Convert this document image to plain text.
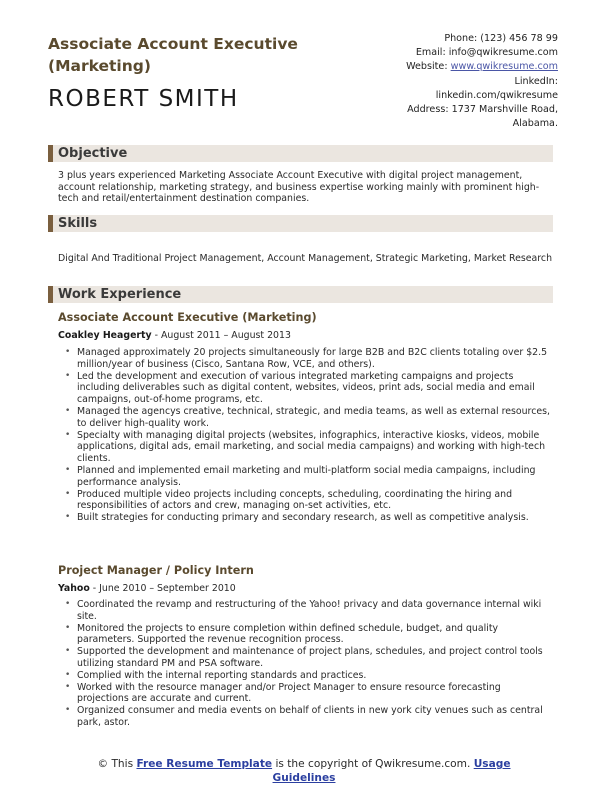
Associate Account Executive (Marketing)
ROBERT SMITH
Phone: (123) 456 78 99
Email: info@qwikresume.com
Website: www.qwikresume.com
LinkedIn:
linkedin.com/qwikresume
Address: 1737 Marshville Road,
Alabama.
Objective
3 plus years experienced Marketing Associate Account Executive with digital project management, account relationship, marketing strategy, and business expertise working mainly with prominent high-tech and retail/entertainment destination companies.
Skills
Digital And Traditional Project Management, Account Management, Strategic Marketing, Market Research
Work Experience
Associate Account Executive (Marketing)
Coakley Heagerty - August 2011 – August 2013
• Managed approximately 20 projects simultaneously for large B2B and B2C clients totaling over $2.5 million/year of business (Cisco, Santana Row, VCE, and others).
• Led the development and execution of various integrated marketing campaigns and projects including deliverables such as digital content, websites, videos, print ads, social media and email campaigns, out-of-home programs, etc.
• Managed the agencys creative, technical, strategic, and media teams, as well as external resources, to deliver high-quality work.
• Specialty with managing digital projects (websites, infographics, interactive kiosks, videos, mobile applications, digital ads, email marketing, and social media campaigns) and working with high-tech clients.
• Planned and implemented email marketing and multi-platform social media campaigns, including performance analysis.
• Produced multiple video projects including concepts, scheduling, coordinating the hiring and responsibilities of actors and crew, managing on-set activities, etc.
• Built strategies for conducting primary and secondary research, as well as competitive analysis.
Project Manager / Policy Intern
Yahoo - June 2010 – September 2010
• Coordinated the revamp and restructuring of the Yahoo! privacy and data governance internal wiki site.
• Monitored the projects to ensure completion within defined schedule, budget, and quality parameters. Supported the revenue recognition process.
• Supported the development and maintenance of project plans, schedules, and project control tools utilizing standard PM and PSA software.
• Complied with the internal reporting standards and practices.
• Worked with the resource manager and/or Project Manager to ensure resource forecasting projections are accurate and current.
• Organized consumer and media events on behalf of clients in new york city venues such as central park, astor.
© This Free Resume Template is the copyright of Qwikresume.com. Usage
Guidelines
